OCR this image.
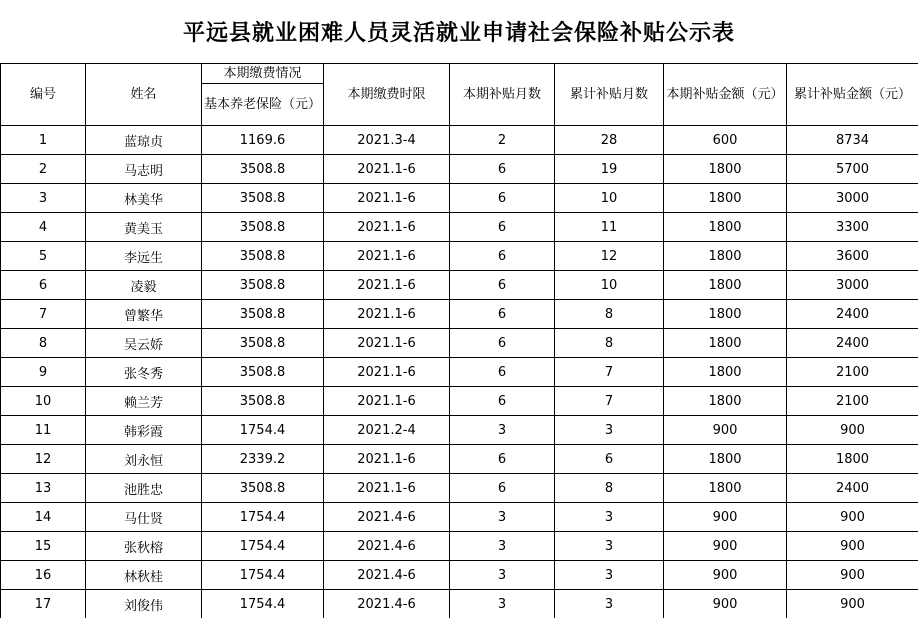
平远县就业困难人员灵活就业申请社会保险补贴公示表
编号	姓名	本期缴费情况	本期缴费时限	本期补贴月数	累计补贴月数	本期补贴金额（元）	累计补贴金额（元）
		基本养老保险（元）					
1	蓝琼贞	1169.6	2021.3-4	2	28	600	8734
2	马志明	3508.8	2021.1-6	6	19	1800	5700
3	林美华	3508.8	2021.1-6	6	10	1800	3000
4	黄美玉	3508.8	2021.1-6	6	11	1800	3300
5	李远生	3508.8	2021.1-6	6	12	1800	3600
6	凌毅	3508.8	2021.1-6	6	10	1800	3000
7	曾繁华	3508.8	2021.1-6	6	8	1800	2400
8	吴云娇	3508.8	2021.1-6	6	8	1800	2400
9	张冬秀	3508.8	2021.1-6	6	7	1800	2100
10	赖兰芳	3508.8	2021.1-6	6	7	1800	2100
11	韩彩霞	1754.4	2021.2-4	3	3	900	900
12	刘永恒	2339.2	2021.1-6	6	6	1800	1800
13	池胜忠	3508.8	2021.1-6	6	8	1800	2400
14	马仕贤	1754.4	2021.4-6	3	3	900	900
15	张秋榕	1754.4	2021.4-6	3	3	900	900
16	林秋桂	1754.4	2021.4-6	3	3	900	900
17	刘俊伟	1754.4	2021.4-6	3	3	900	900
